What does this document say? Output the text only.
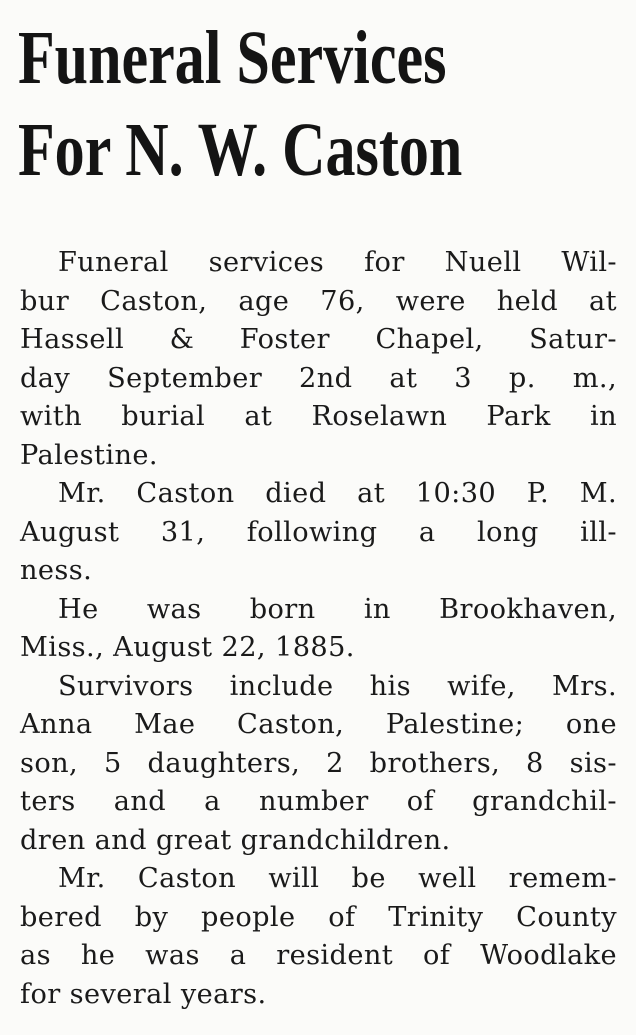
Funeral Services
For N. W. Caston
Funeral services for Nuell Wil-
bur Caston, age 76, were held at
Hassell & Foster Chapel, Satur-
day September 2nd at 3 p. m.,
with burial at Roselawn Park in
Palestine.
Mr. Caston died at 10:30 P. M.
August 31, following a long ill-
ness.
He was born in Brookhaven,
Miss., August 22, 1885.
Survivors include his wife, Mrs.
Anna Mae Caston, Palestine; one
son, 5 daughters, 2 brothers, 8 sis-
ters and a number of grandchil-
dren and great grandchildren.
Mr. Caston will be well remem-
bered by people of Trinity County
as he was a resident of Woodlake
for several years.
